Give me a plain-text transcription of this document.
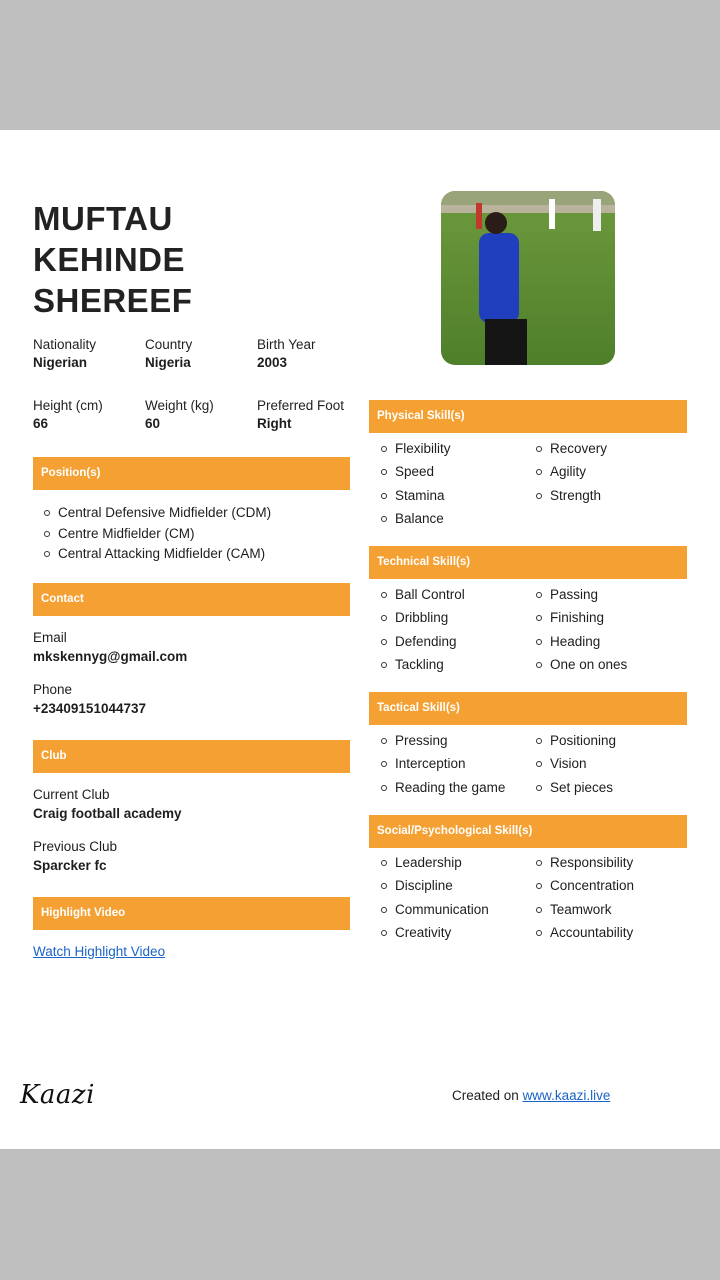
MUFTAU
KEHINDE
SHEREEF
Nationality
Nigerian
Country
Nigeria
Birth Year
2003
Height (cm)
66
Weight (kg)
60
Preferred Foot
Right
Position(s)
Central Defensive Midfielder (CDM)
Centre Midfielder (CM)
Central Attacking Midfielder (CAM)
Contact
Email
mkskennyg@gmail.com
Phone
+23409151044737
Club
Current Club
Craig football academy
Previous Club
Sparcker fc
Highlight Video
Watch Highlight Video
Physical Skill(s)
Flexibility	Recovery
Speed	Agility
Stamina	Strength
Balance
Technical Skill(s)
Ball Control	Passing
Dribbling	Finishing
Defending	Heading
Tackling	One on ones
Tactical Skill(s)
Pressing	Positioning
Interception	Vision
Reading the game	Set pieces
Social/Psychological Skill(s)
Leadership	Responsibility
Discipline	Concentration
Communication	Teamwork
Creativity	Accountability
Kaazi	Created on www.kaazi.live
